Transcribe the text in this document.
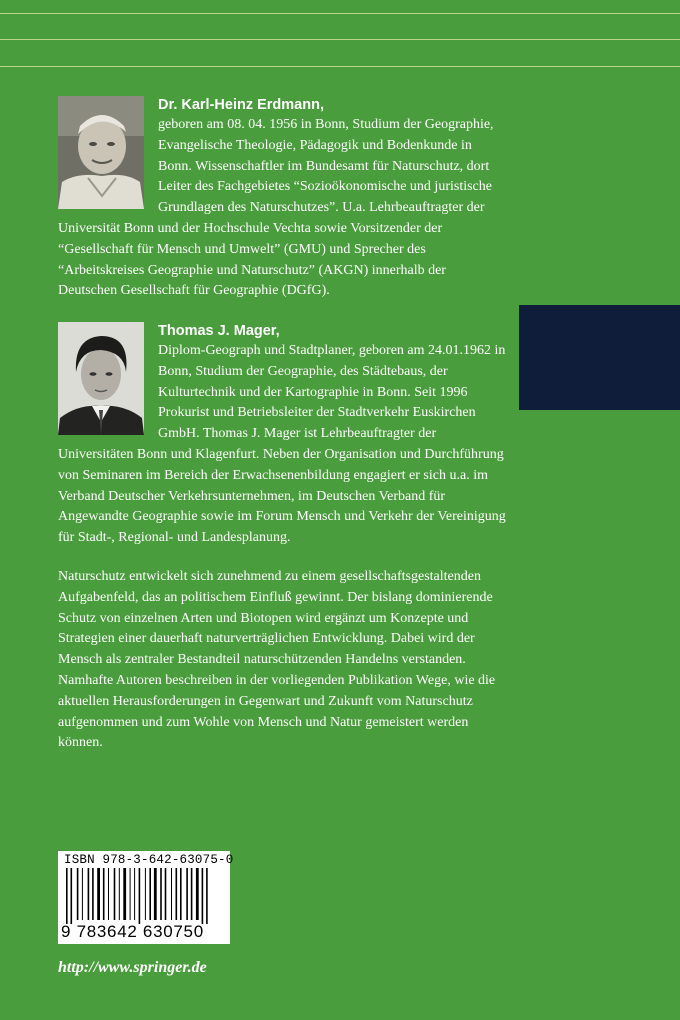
Dr. Karl-Heinz Erdmann,
geboren am 08. 04. 1956 in Bonn, Studium der Geographie, Evangelische Theologie, Pädagogik und Bodenkunde in Bonn. Wissenschaftler im Bundesamt für Naturschutz, dort Leiter des Fachgebietes “Sozioökonomische und juristische Grundlagen des Naturschutzes”. U.a. Lehrbeauftragter der Universität Bonn und der Hochschule Vechta sowie Vorsitzender der “Gesellschaft für Mensch und Umwelt” (GMU) und Sprecher des “Arbeitskreises Geographie und Naturschutz” (AKGN) innerhalb der Deutschen Gesellschaft für Geographie (DGfG).
Thomas J. Mager,
Diplom-Geograph und Stadtplaner, geboren am 24.01.1962 in Bonn, Studium der Geographie, des Städtebaus, der Kulturtechnik und der Kartographie in Bonn. Seit 1996 Prokurist und Betriebsleiter der Stadtverkehr Euskirchen GmbH. Thomas J. Mager ist Lehrbeauftragter der Universitäten Bonn und Klagenfurt. Neben der Organisation und Durchführung von Seminaren im Bereich der Erwachsenenbildung engagiert er sich u.a. im Verband Deutscher Verkehrsunternehmen, im Deutschen Verband für Angewandte Geographie sowie im Forum Mensch und Verkehr der Vereinigung für Stadt-, Regional- und Landesplanung.
Naturschutz entwickelt sich zunehmend zu einem gesellschaftsgestaltenden Aufgabenfeld, das an politischem Einfluß gewinnt. Der bislang dominierende Schutz von einzelnen Arten und Biotopen wird ergänzt um Konzepte und Strategien einer dauerhaft naturverträglichen Entwicklung. Dabei wird der Mensch als zentraler Bestandteil naturschützenden Handelns verstanden. Namhafte Autoren beschreiben in der vorliegenden Publikation Wege, wie die aktuellen Herausforderungen in Gegenwart und Zukunft vom Naturschutz aufgenommen und zum Wohle von Mensch und Natur gemeistert werden können.
ISBN 978-3-642-63075-0
9 783642 630750
http://www.springer.de
